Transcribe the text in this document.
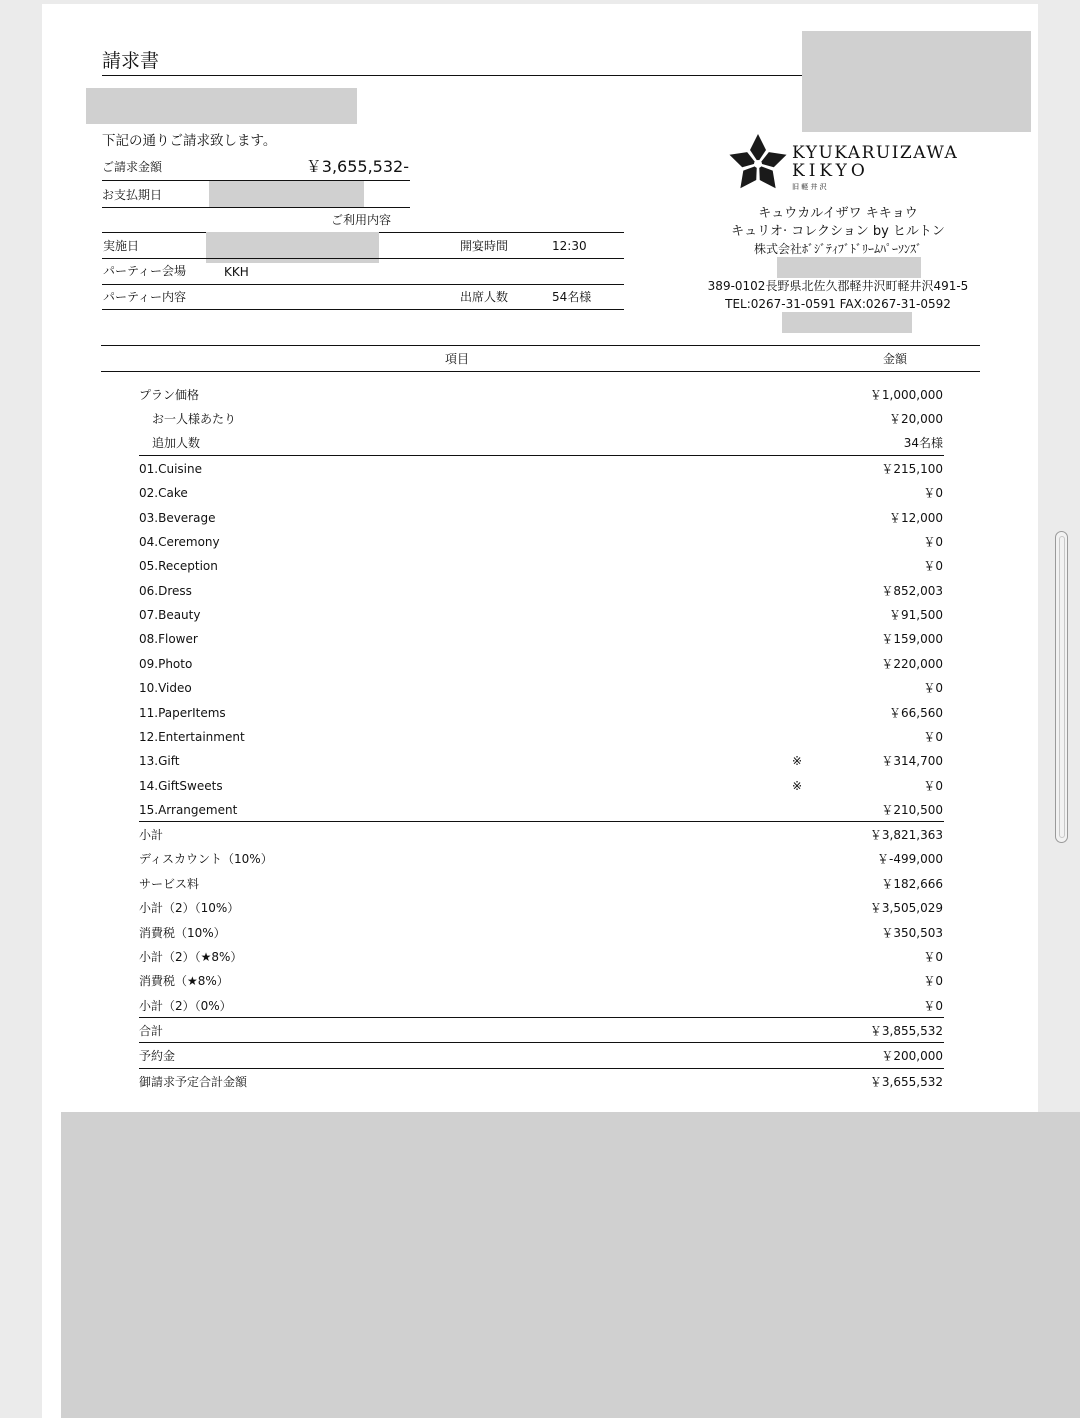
請求書
下記の通りご請求致します。
ご請求金額	￥3,655,532-
お支払期日
ご利用内容
実施日	開宴時間	12:30
パーティー会場	KKH
パーティー内容	出席人数	54名様
KYUKARUIZAWA
KIKYO
旧 軽 井 沢
キュウカルイザワ キキョウ
キュリオ· コレクション by ヒルトン
株式会社ﾎﾞｼﾞﾃｨﾌﾞﾄﾞﾘｰﾑﾊﾟｰｿﾝｽﾞ
389-0102長野県北佐久郡軽井沢町軽井沢491-5
TEL:0267-31-0591 FAX:0267-31-0592
項目	金額
プラン価格	￥1,000,000
お一人様あたり	￥20,000
追加人数	34名様
01.Cuisine	￥215,100
02.Cake	￥0
03.Beverage	￥12,000
04.Ceremony	￥0
05.Reception	￥0
06.Dress	￥852,003
07.Beauty	￥91,500
08.Flower	￥159,000
09.Photo	￥220,000
10.Video	￥0
11.PaperItems	￥66,560
12.Entertainment	￥0
13.Gift	※	￥314,700
14.GiftSweets	※	￥0
15.Arrangement	￥210,500
小計	￥3,821,363
ディスカウント（10%）	￥-499,000
サービス料	￥182,666
小計（2）（10%）	￥3,505,029
消費税（10%）	￥350,503
小計（2）（★8%）	￥0
消費税（★8%）	￥0
小計（2）（0%）	￥0
合計	￥3,855,532
予約金	￥200,000
御請求予定合計金額	￥3,655,532
